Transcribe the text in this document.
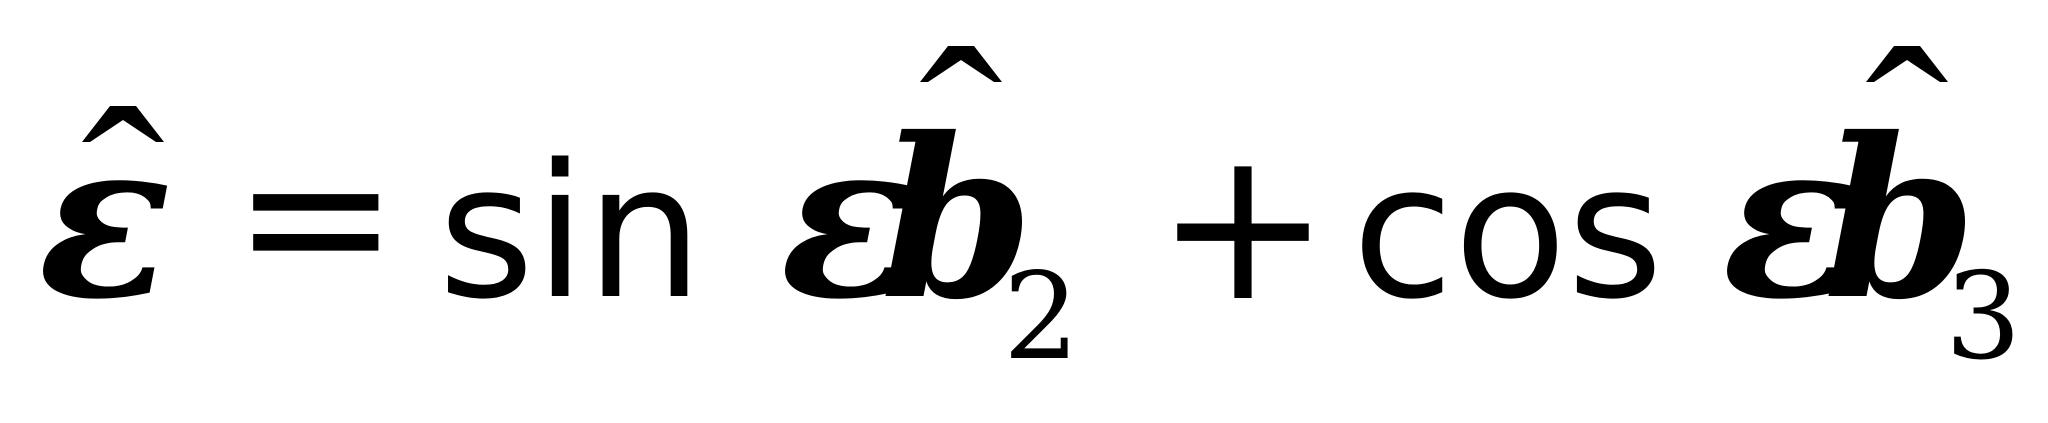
ε = sin ε
b
2 + cos ε
b
3
